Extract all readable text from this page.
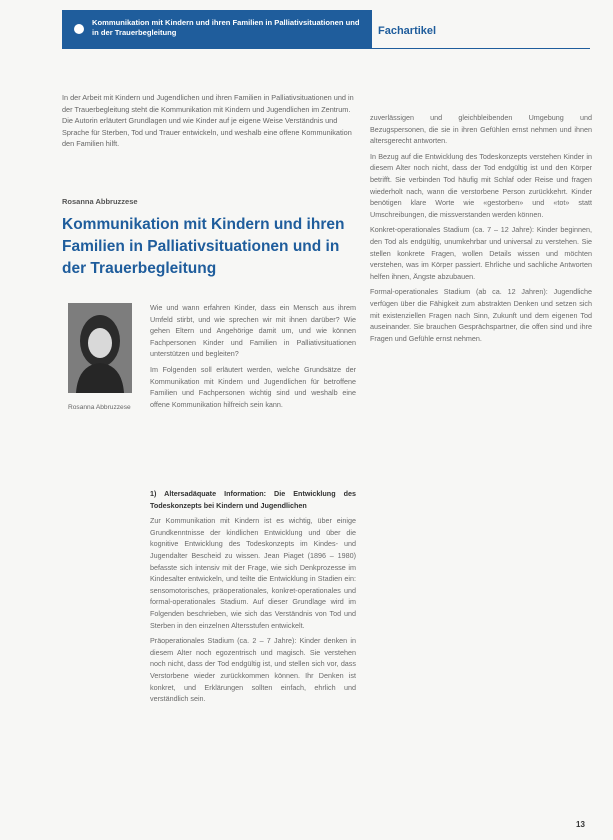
Kommunikation mit Kindern und ihren Familien in Palliativsituationen und in der Trauerbegleitung	Fachartikel
In der Arbeit mit Kindern und Jugendlichen und ihren Familien in Palliativsituationen und in der Trauerbegleitung steht die Kommunikation mit Kindern und Jugendlichen im Zentrum. Die Autorin erläutert Grundlagen und wie Kinder auf je eigene Weise Verständnis und Sprache für Sterben, Tod und Trauer entwickeln, und weshalb eine offene Kommunikation den Familien hilft.
Rosanna Abbruzzese
Kommunikation mit Kindern und ihren Familien in Palliativsituationen und in der Trauerbegleitung
Rosanna Abbruzzese

Wie und wann erfahren Kinder, dass ein Mensch aus ihrem Umfeld stirbt, und wie sprechen wir mit ihnen darüber? Wie gehen Eltern und Angehörige damit um, und wie können Fachpersonen Kinder und Familien in Palliativsituationen unterstützen und begleiten?

Im Folgenden soll erläutert werden, welche Grundsätze der Kommunikation mit Kindern und Jugendlichen für betroffene Familien und Fachpersonen wichtig sind und weshalb eine offene Kommunikation hilfreich sein kann.

1) Altersadäquate Information: Die Entwicklung des Todeskonzepts bei Kindern und Jugendlichen

Zur Kommunikation mit Kindern ist es wichtig, über einige Grundkenntnisse der kindlichen Entwicklung und über die kognitive Entwicklung des Todeskonzepts im Kindes- und Jugendalter Bescheid zu wissen. Jean Piaget (1896 – 1980) befasste sich intensiv mit der Frage, wie sich Denkprozesse im Kindesalter entwickeln, und teilte die Entwicklung in Stadien ein: sensomotorisches, präoperationales, konkret-operationales und formal-operationales Stadium. Auf dieser Grundlage wird im Folgenden beschrieben, wie sich das Verständnis von Tod und Sterben in den einzelnen Altersstufen entwickelt.

Präoperationales Stadium (ca. 2 – 7 Jahre): Kinder denken in diesem Alter noch egozentrisch und magisch. Sie verstehen noch nicht, dass der Tod endgültig ist, und stellen sich vor, dass Verstorbene wieder zurückkommen können. Ihr Denken ist konkret, und Erklärungen sollten einfach, ehrlich und verständlich sein.

zuverlässigen und gleichbleibenden Umgebung und Bezugspersonen, die sie in ihren Gefühlen ernst nehmen und ihnen altersgerecht antworten.

In Bezug auf die Entwicklung des Todeskonzepts verstehen Kinder in diesem Alter noch nicht, dass der Tod endgültig ist und den Körper betrifft. Sie verbinden Tod häufig mit Schlaf oder Reise und fragen wiederholt nach, wann die verstorbene Person zurückkehrt. Kinder benötigen klare Worte wie «gestorben» und «tot» statt Umschreibungen, die missverstanden werden können.

Konkret-operationales Stadium (ca. 7 – 12 Jahre): Kinder beginnen, den Tod als endgültig, unumkehrbar und universal zu verstehen. Sie stellen konkrete Fragen, wollen Details wissen und möchten verstehen, was im Körper passiert. Ehrliche und sachliche Antworten helfen ihnen, Ängste abzubauen.

Formal-operationales Stadium (ab ca. 12 Jahren): Jugendliche verfügen über die Fähigkeit zum abstrakten Denken und setzen sich mit existenziellen Fragen nach Sinn, Zukunft und dem eigenen Tod auseinander. Sie brauchen Gesprächspartner, die offen sind und ihre Fragen und Gefühle ernst nehmen.

13
